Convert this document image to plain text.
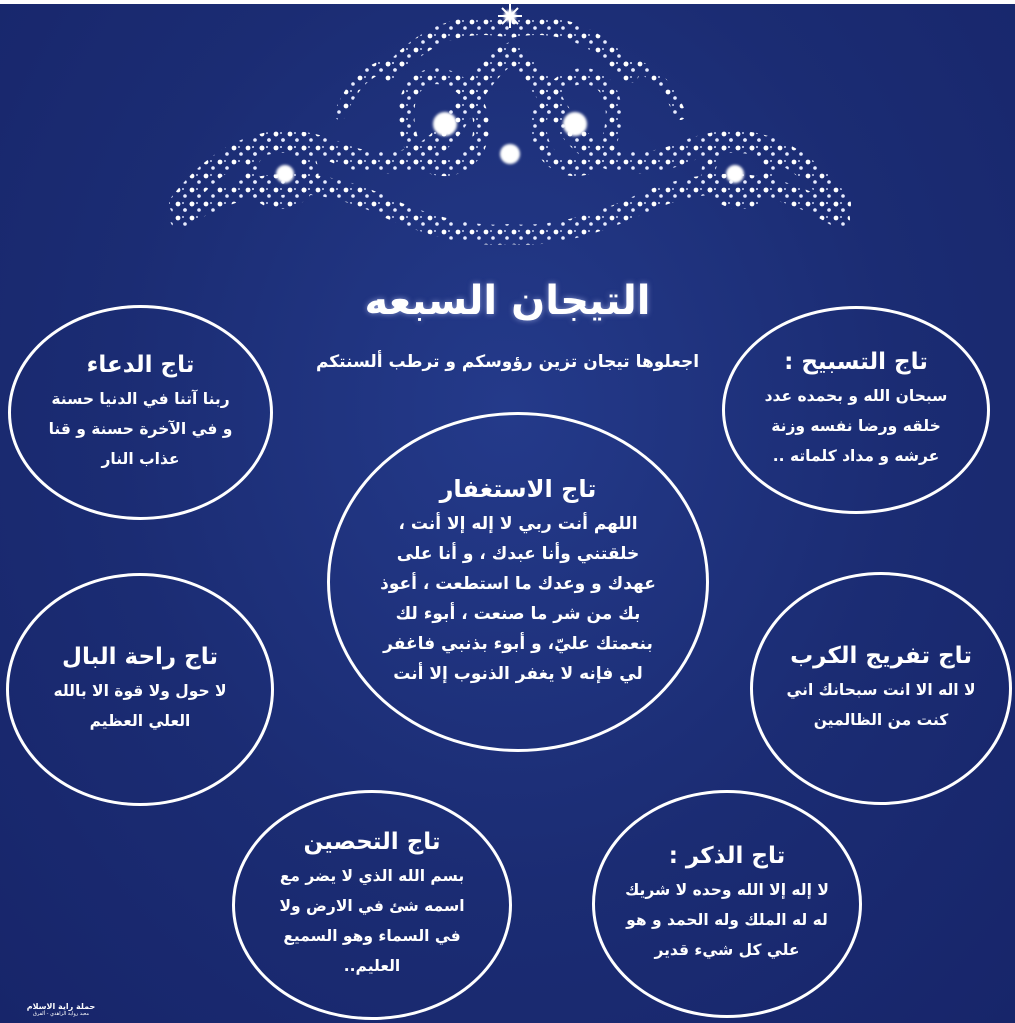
التيجان السبعه
اجعلوها تيجان تزين رؤوسكم و ترطب ألسنتكم
تاج الدعاء
ربنا آتنا في الدنيا حسنة
و في الآخرة حسنة و قنا
عذاب النار
تاج التسبيح :
سبحان الله و بحمده عدد
خلقه ورضا نفسه وزنة
عرشه و مداد كلماته ..
تاج الاستغفار
اللهم أنت ربي لا إله إلا أنت ،
خلقتني وأنا عبدك ، و أنا على
عهدك و وعدك ما استطعت ، أعوذ
بك من شر ما صنعت ، أبوء لك
بنعمتك عليّ، و أبوء بذنبي فاغفر
لي فإنه لا يغفر الذنوب إلا أنت
تاج راحة البال
لا حول ولا قوة الا بالله
العلي العظيم
تاج تفريج الكرب
لا اله الا انت سبحانك اني
كنت من الظالمين
تاج التحصين
بسم الله الذي لا يضر مع
اسمه شئ في الارض ولا
في السماء وهو السميع
العليم..
تاج الذكر :
لا إله إلا الله وحده لا شريك
له له الملك وله الحمد و هو
علي كل شيء قدير
حملة راية الاسلام
معبد رواية الزاهدي - ألفرق
